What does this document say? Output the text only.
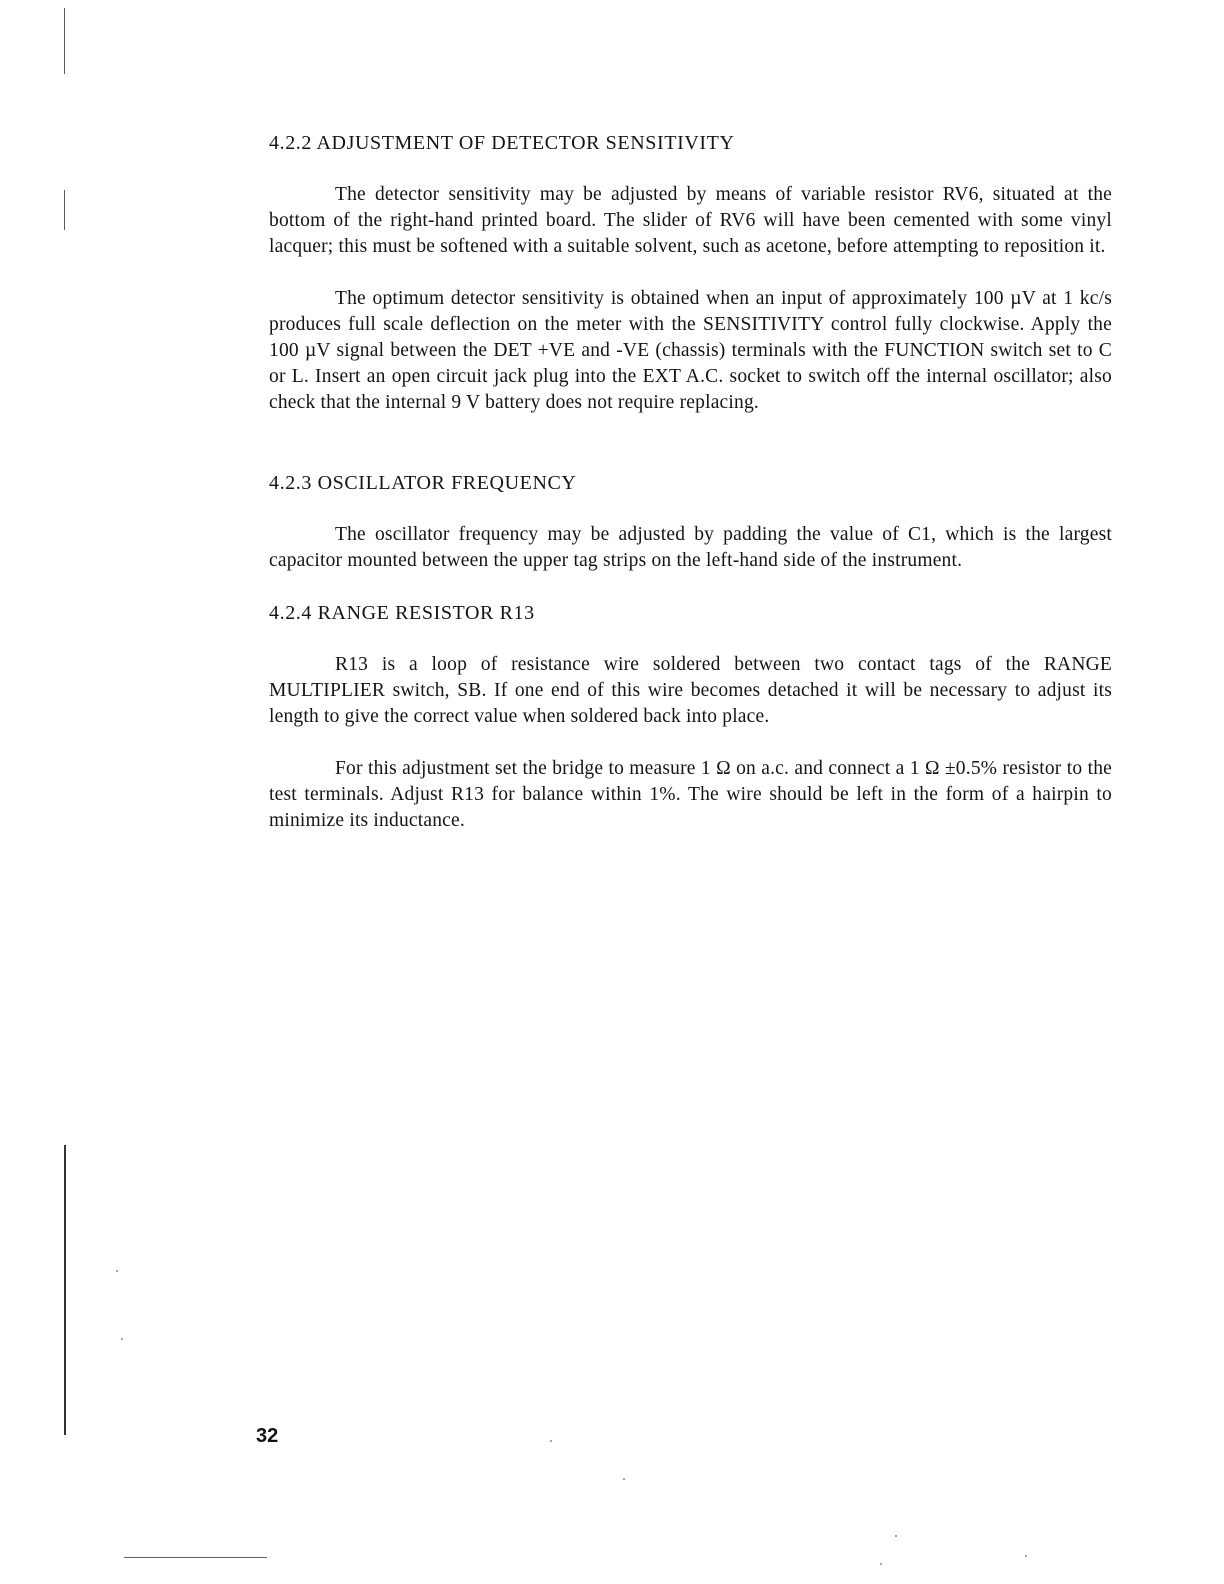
4.2.2 ADJUSTMENT OF DETECTOR SENSITIVITY

The detector sensitivity may be adjusted by means of variable resistor RV6, situated at the bottom of the right-hand printed board. The slider of RV6 will have been cemented with some vinyl lacquer; this must be softened with a suitable solvent, such as acetone, before attempting to reposition it.

The optimum detector sensitivity is obtained when an input of approximately 100 µV at 1 kc/s produces full scale deflection on the meter with the SENSITIVITY control fully clockwise. Apply the 100 µV signal between the DET +VE and -VE (chassis) terminals with the FUNCTION switch set to C or L. Insert an open circuit jack plug into the EXT A.C. socket to switch off the internal oscillator; also check that the internal 9 V battery does not require replacing.

4.2.3 OSCILLATOR FREQUENCY

The oscillator frequency may be adjusted by padding the value of C1, which is the largest capacitor mounted between the upper tag strips on the left-hand side of the instrument.

4.2.4 RANGE RESISTOR R13

R13 is a loop of resistance wire soldered between two contact tags of the RANGE MULTIPLIER switch, SB. If one end of this wire becomes detached it will be necessary to adjust its length to give the correct value when soldered back into place.

For this adjustment set the bridge to measure 1 Ω on a.c. and connect a 1 Ω ±0.5% resistor to the test terminals. Adjust R13 for balance within 1%. The wire should be left in the form of a hairpin to minimize its inductance.

32
